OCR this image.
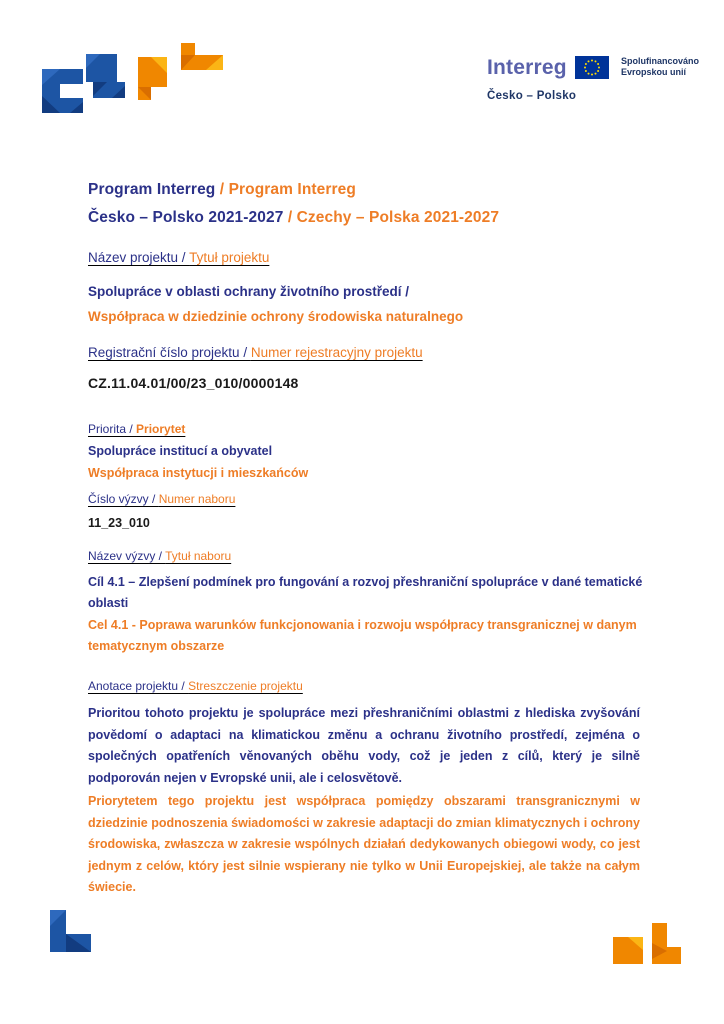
Interreg	Spolufinancováno
Evropskou unií
Česko – Polsko
Program Interreg / Program Interreg
Česko – Polsko 2021-2027 / Czechy – Polska 2021-2027
Název projektu / Tytuł projektu
Spolupráce v oblasti ochrany životního prostředí /
Współpraca w dziedzinie ochrony środowiska naturalnego
Registrační číslo projektu / Numer rejestracyjny projektu
CZ.11.04.01/00/23_010/0000148
Priorita / Priorytet
Spolupráce institucí a obyvatel
Współpraca instytucji i mieszkańców
Číslo výzvy / Numer naboru
11_23_010
Název výzvy / Tytuł naboru
Cíl 4.1 – Zlepšení podmínek pro fungování a rozvoj přeshraniční spolupráce v dané tematické oblasti
Cel 4.1 - Poprawa warunków funkcjonowania i rozwoju współpracy transgranicznej w danym tematycznym obszarze
Anotace projektu / Streszczenie projektu
Prioritou tohoto projektu je spolupráce mezi přeshraničními oblastmi z hlediska zvyšování povědomí o adaptaci na klimatickou změnu a ochranu životního prostředí, zejména o společných opatřeních věnovaných oběhu vody, což je jeden z cílů, který je silně podporován nejen v Evropské unii, ale i celosvětově.
Priorytetem tego projektu jest współpraca pomiędzy obszarami transgranicznymi w dziedzinie podnoszenia świadomości w zakresie adaptacji do zmian klimatycznych i ochrony środowiska, zwłaszcza w zakresie wspólnych działań dedykowanych obiegowi wody, co jest jednym z celów, który jest silnie wspierany nie tylko w Unii Europejskiej, ale także na całym świecie.
